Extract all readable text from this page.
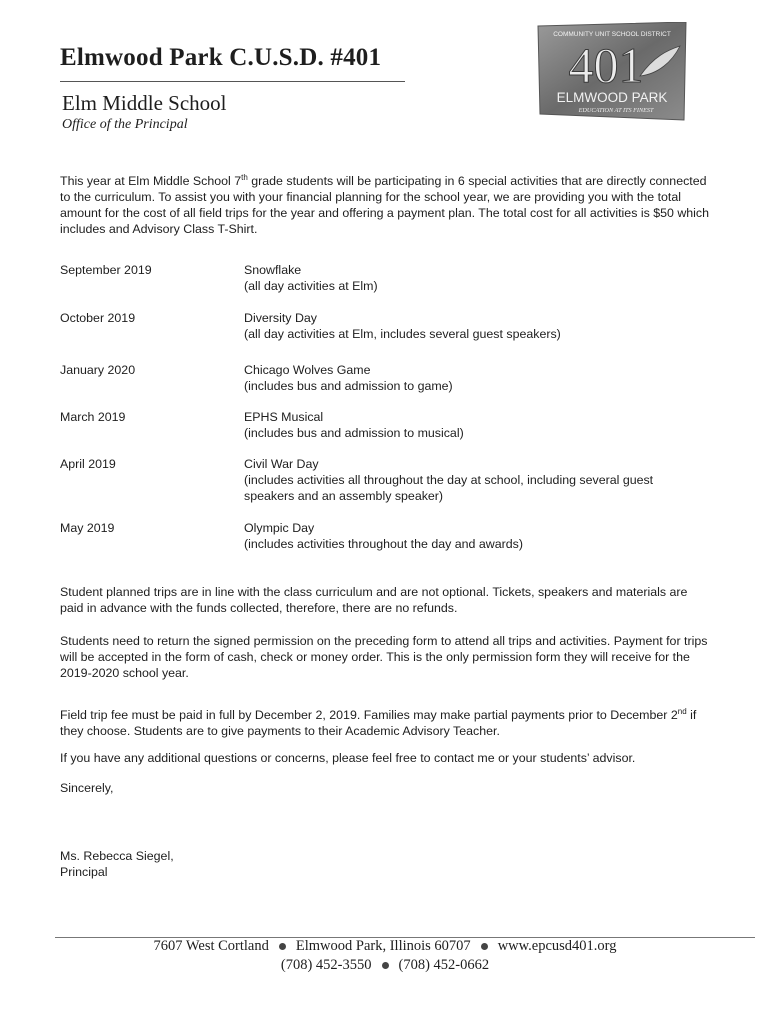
Elmwood Park C.U.S.D. #401
Elm Middle School
Office of the Principal
COMMUNITY UNIT SCHOOL DISTRICT
401
ELMWOOD PARK
EDUCATION AT ITS FINEST

This year at Elm Middle School 7th grade students will be participating in 6 special activities that are directly connected to the curriculum. To assist you with your financial planning for the school year, we are providing you with the total amount for the cost of all field trips for the year and offering a payment plan. The total cost for all activities is $50 which includes and Advisory Class T-Shirt.

September 2019	Snowflake
(all day activities at Elm)
October 2019	Diversity Day
(all day activities at Elm, includes several guest speakers)
January 2020	Chicago Wolves Game
(includes bus and admission to game)
March 2019	EPHS Musical
(includes bus and admission to musical)
April 2019	Civil War Day
(includes activities all throughout the day at school, including several guest speakers and an assembly speaker)
May 2019	Olympic Day
(includes activities throughout the day and awards)

Student planned trips are in line with the class curriculum and are not optional. Tickets, speakers and materials are paid in advance with the funds collected, therefore, there are no refunds.

Students need to return the signed permission on the preceding form to attend all trips and activities. Payment for trips will be accepted in the form of cash, check or money order. This is the only permission form they will receive for the 2019-2020 school year.

Field trip fee must be paid in full by December 2, 2019. Families may make partial payments prior to December 2nd if they choose. Students are to give payments to their Academic Advisory Teacher.

If you have any additional questions or concerns, please feel free to contact me or your students’ advisor.

Sincerely,

Ms. Rebecca Siegel,

Principal

7607 West Cortland Elmwood Park, Illinois 60707 www.epcusd401.org
(708) 452-3550 (708) 452-0662
